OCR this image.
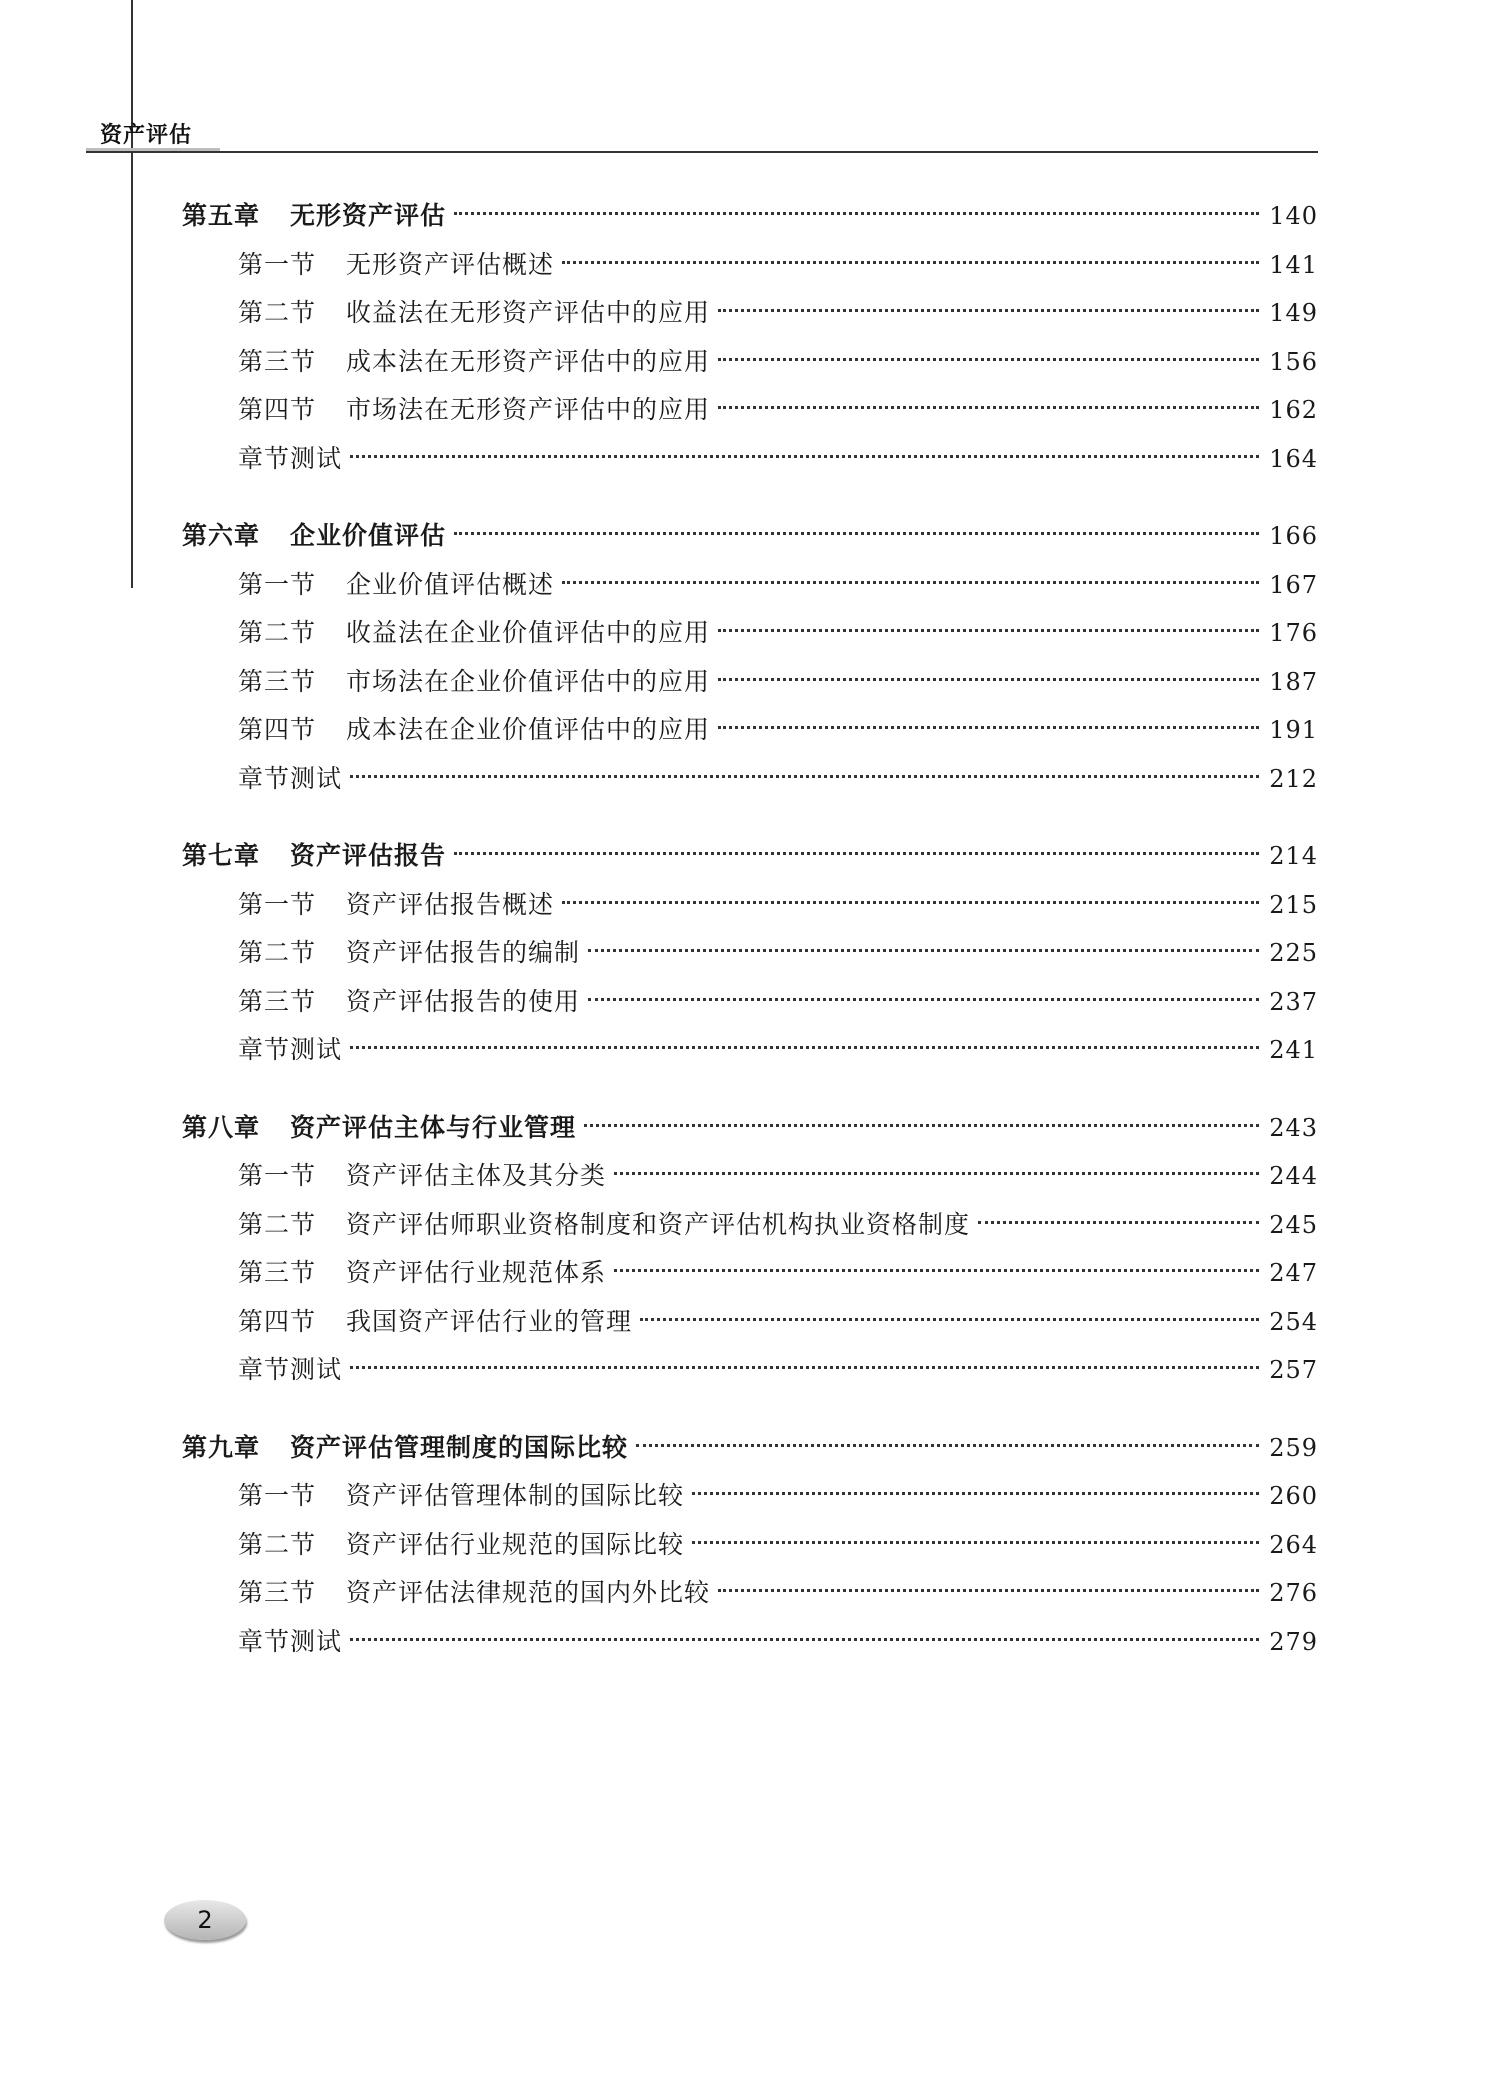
资产评估
第五章 无形资产评估	140
第一节 无形资产评估概述	141
第二节 收益法在无形资产评估中的应用	149
第三节 成本法在无形资产评估中的应用	156
第四节 市场法在无形资产评估中的应用	162
章节测试	164
第六章 企业价值评估	166
第一节 企业价值评估概述	167
第二节 收益法在企业价值评估中的应用	176
第三节 市场法在企业价值评估中的应用	187
第四节 成本法在企业价值评估中的应用	191
章节测试	212
第七章 资产评估报告	214
第一节 资产评估报告概述	215
第二节 资产评估报告的编制	225
第三节 资产评估报告的使用	237
章节测试	241
第八章 资产评估主体与行业管理	243
第一节 资产评估主体及其分类	244
第二节 资产评估师职业资格制度和资产评估机构执业资格制度	245
第三节 资产评估行业规范体系	247
第四节 我国资产评估行业的管理	254
章节测试	257
第九章 资产评估管理制度的国际比较	259
第一节 资产评估管理体制的国际比较	260
第二节 资产评估行业规范的国际比较	264
第三节 资产评估法律规范的国内外比较	276
章节测试	279
2
